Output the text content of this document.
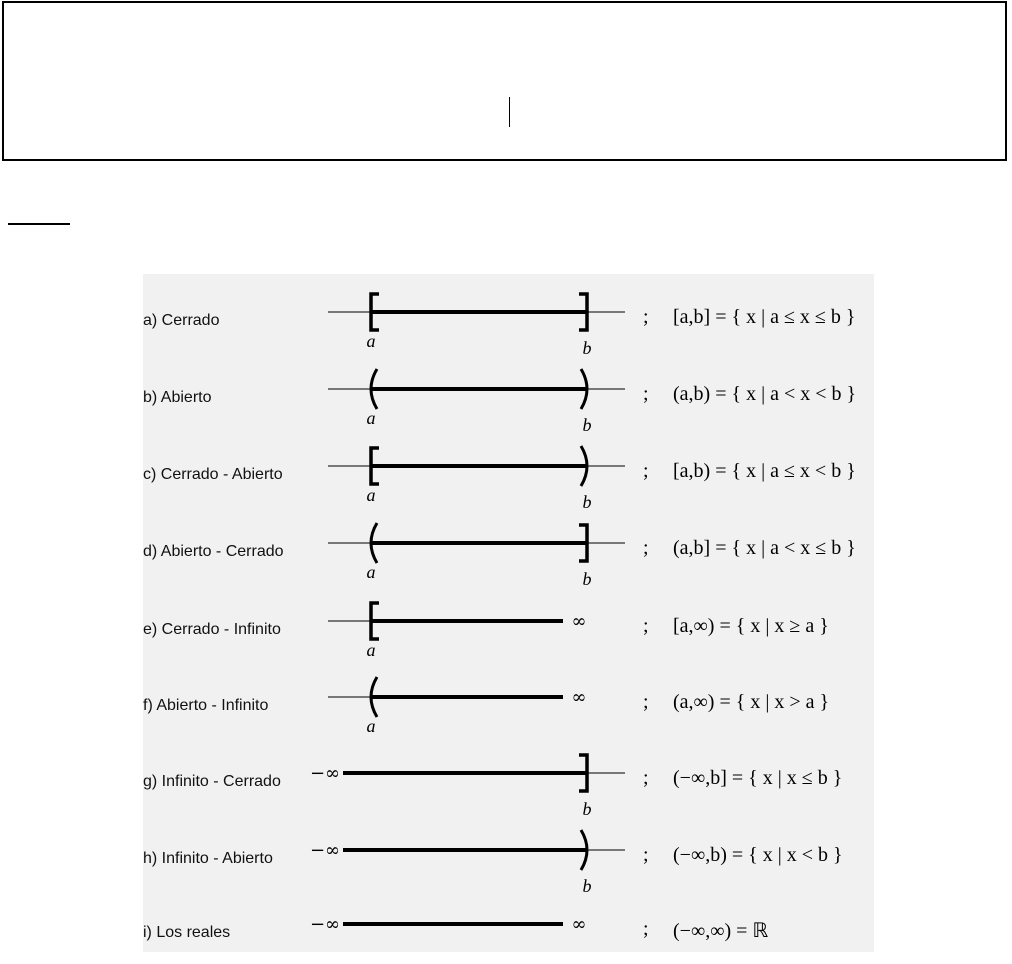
a) Cerrado
a	b
; [a,b] = { x | a ≤ x ≤ b }
b) Abierto
a	b
; (a,b) = { x | a < x < b }
c) Cerrado - Abierto
a	b
; [a,b) = { x | a ≤ x < b }
d) Abierto - Cerrado
a	b
; (a,b] = { x | a < x ≤ b }
e) Cerrado - Infinito	∞
a
; [a,∞) = { x | x ≥ a }
f) Abierto - Infinito	∞
a
; (a,∞) = { x | x > a }
g) Infinito - Cerrado −∞
b
; (−∞,b] = { x | x ≤ b }
h) Infinito - Abierto −∞
b
; (−∞,b) = { x | x < b }
i) Los reales	−∞	∞	; (−∞,∞) = ℝ
